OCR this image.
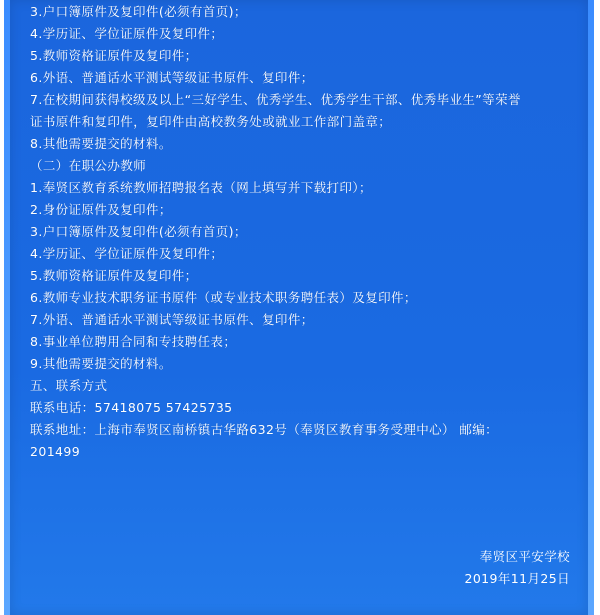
3.户口簿原件及复印件(必须有首页)；
4.学历证、学位证原件及复印件；
5.教师资格证原件及复印件；
6.外语、普通话水平测试等级证书原件、复印件；
7.在校期间获得校级及以上“三好学生、优秀学生、优秀学生干部、优秀毕业生”等荣誉
证书原件和复印件，复印件由高校教务处或就业工作部门盖章；
8.其他需要提交的材料。
（二）在职公办教师
1.奉贤区教育系统教师招聘报名表（网上填写并下载打印）；
2.身份证原件及复印件；
3.户口簿原件及复印件(必须有首页)；
4.学历证、学位证原件及复印件；
5.教师资格证原件及复印件；
6.教师专业技术职务证书原件（或专业技术职务聘任表）及复印件；
7.外语、普通话水平测试等级证书原件、复印件；
8.事业单位聘用合同和专技聘任表；
9.其他需要提交的材料。
五、联系方式
联系电话：57418075 57425735
联系地址：上海市奉贤区南桥镇古华路632号（奉贤区教育事务受理中心） 邮编：
201499
奉贤区平安学校
2019年11月25日
